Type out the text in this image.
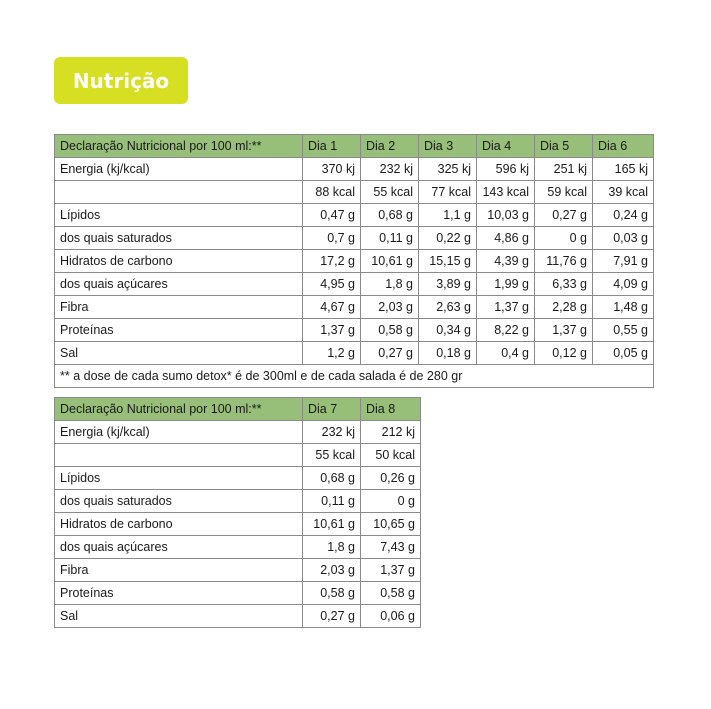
Nutrição
Declaração Nutricional por 100 ml:**	Dia 1	Dia 2	Dia 3	Dia 4	Dia 5	Dia 6
Energia (kj/kcal)	370 kj	232 kj	325 kj	596 kj	251 kj	165 kj
	88 kcal	55 kcal	77 kcal	143 kcal	59 kcal	39 kcal
Lípidos	0,47 g	0,68 g	1,1 g	10,03 g	0,27 g	0,24 g
dos quais saturados	0,7 g	0,11 g	0,22 g	4,86 g	0 g	0,03 g
Hidratos de carbono	17,2 g	10,61 g	15,15 g	4,39 g	11,76 g	7,91 g
dos quais açúcares	4,95 g	1,8 g	3,89 g	1,99 g	6,33 g	4,09 g
Fibra	4,67 g	2,03 g	2,63 g	1,37 g	2,28 g	1,48 g
Proteínas	1,37 g	0,58 g	0,34 g	8,22 g	1,37 g	0,55 g
Sal	1,2 g	0,27 g	0,18 g	0,4 g	0,12 g	0,05 g
** a dose de cada sumo detox* é de 300ml e de cada salada é de 280 gr						
Declaração Nutricional por 100 ml:**	Dia 7	Dia 8
Energia (kj/kcal)	232 kj	212 kj
	55 kcal	50 kcal
Lípidos	0,68 g	0,26 g
dos quais saturados	0,11 g	0 g
Hidratos de carbono	10,61 g	10,65 g
dos quais açúcares	1,8 g	7,43 g
Fibra	2,03 g	1,37 g
Proteínas	0,58 g	0,58 g
Sal	0,27 g	0,06 g
